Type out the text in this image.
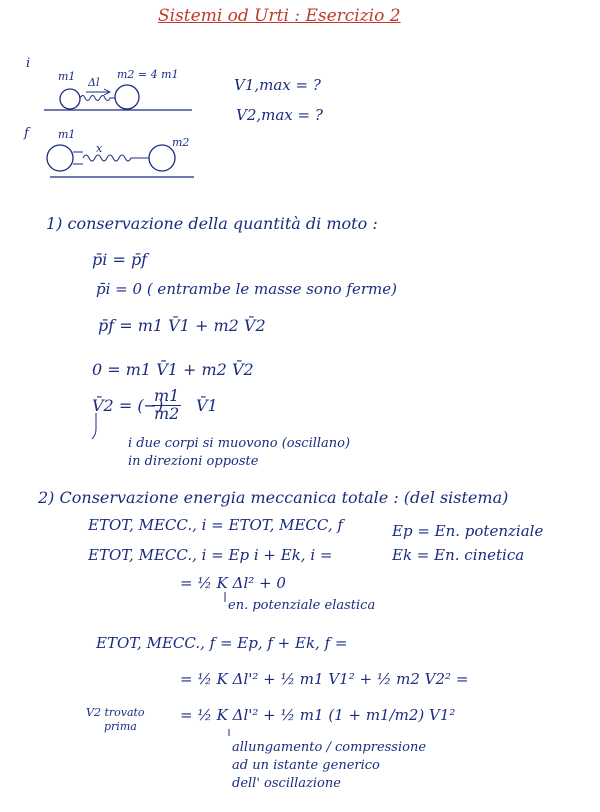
Sistemi od Urti : Esercizio 2
i
m1	m2 = 4 m1
Δl
f	m1
m2
x
V1,max = ?
V2,max = ?
1) conservazione della quantità di moto :
p̄i = p̄f
p̄i = 0 ( entrambe le masse sono ferme)
p̄f = m1 V̄1 + m2 V̄2
0 = m1 V̄1 + m2 V̄2
V̄2 = (−)
$\frac{m1}{m2}$ V̄1
i due corpi si muovono (oscillano)
in direzioni opposte
2) Conservazione energia meccanica totale : (del sistema)
ETOT, MECC., i = ETOT, MECC, f
ETOT, MECC., i = Ep i + Ek, i =
= ½ K Δl² + 0
en. potenziale elastica
Ep = En. potenziale
Ek = En. cinetica
ETOT, MECC., f = Ep, f + Ek, f =
= ½ K Δl'² + ½ m1 V1² + ½ m2 V2² =
= ½ K Δl'² + ½ m1 (1 + m1/m2) V1²
V2 trovato
prima
allungamento / compressione
ad un istante generico
dell' oscillazione
